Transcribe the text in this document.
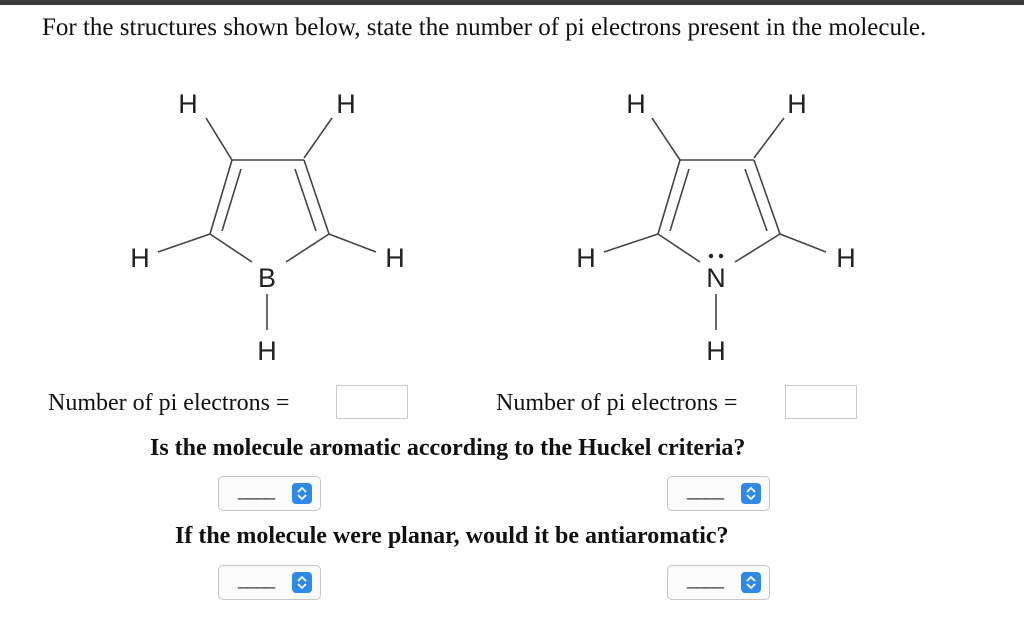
For the structures shown below, state the number of pi electrons present in the molecule.
H	H
H	H
B
H
H	H
H	H
N
H
Number of pi electrons =	Number of pi electrons =
Is the molecule aromatic according to the Huckel criteria?
____	____
If the molecule were planar, would it be antiaromatic?
____	____
